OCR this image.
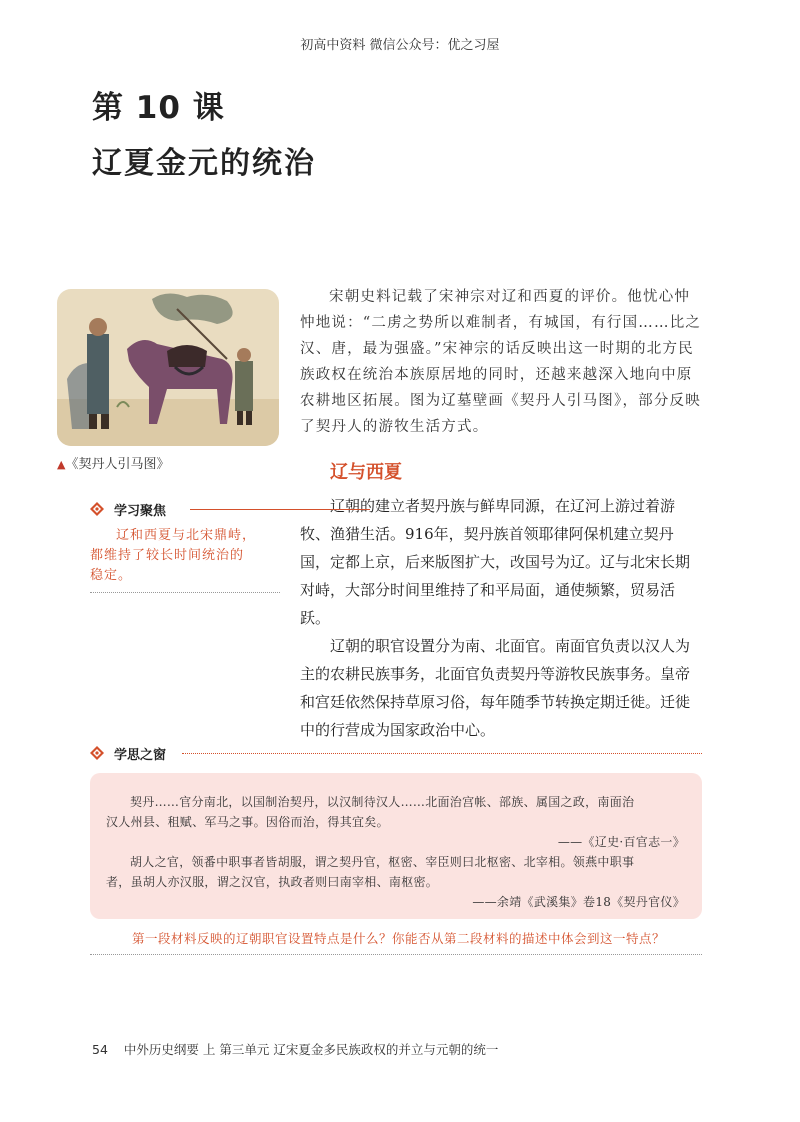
初高中资料 微信公众号：优之习屋
第 10 课
辽夏金元的统治
▲《契丹人引马图》

宋朝史料记载了宋神宗对辽和西夏的评价。他忧心忡忡地说：“二虏之势所以难制者，有城国，有行国……比之汉、唐，最为强盛。”宋神宗的话反映出这一时期的北方民族政权在统治本族原居地的同时，还越来越深入地向中原农耕地区拓展。图为辽墓壁画《契丹人引马图》，部分反映了契丹人的游牧生活方式。

辽与西夏

辽朝的建立者契丹族与鲜卑同源，在辽河上游过着游牧、渔猎生活。916年，契丹族首领耶律阿保机建立契丹国，定都上京，后来版图扩大，改国号为辽。辽与北宋长期对峙，大部分时间里维持了和平局面，通使频繁，贸易活跃。

辽朝的职官设置分为南、北面官。南面官负责以汉人为主的农耕民族事务，北面官负责契丹等游牧民族事务。皇帝和宫廷依然保持草原习俗，每年随季节转换定期迁徙。迁徙中的行营成为国家政治中心。

学习聚焦
辽和西夏与北宋鼎峙，
都维持了较长时间统治的
稳定。
学思之窗

契丹……官分南北，以国制治契丹，以汉制待汉人……北面治宫帐、部族、属国之政，南面治

汉人州县、租赋、军马之事。因俗而治，得其宜矣。

——《辽史·百官志一》

胡人之官，领番中职事者皆胡服，谓之契丹官，枢密、宰臣则曰北枢密、北宰相。领燕中职事

者，虽胡人亦汉服，谓之汉官，执政者则曰南宰相、南枢密。

——余靖《武溪集》卷18《契丹官仪》

第一段材料反映的辽朝职官设置特点是什么？你能否从第二段材料的描述中体会到这一特点？
54 中外历史纲要 上 第三单元 辽宋夏金多民族政权的并立与元朝的统一
